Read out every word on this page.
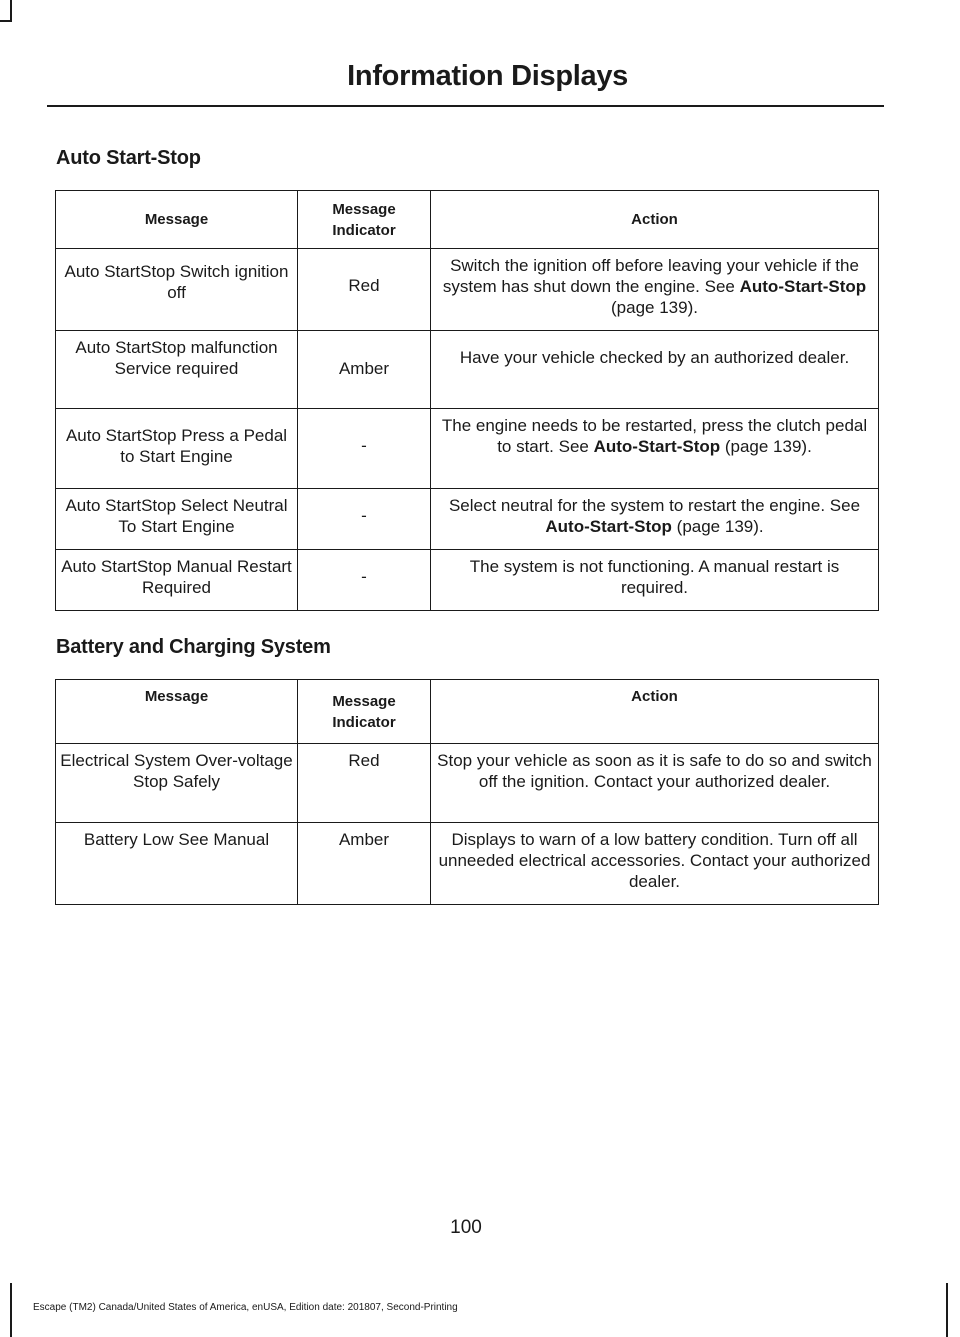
Information Displays
Auto Start-Stop
Message	Message Indicator	Action
Auto StartStop Switch ignition off	Red	Switch the ignition off before leaving your vehicle if the system has shut down the engine. See Auto-Start-Stop (page 139).
Auto StartStop malfunction Service required	Amber	Have your vehicle checked by an authorized dealer.
Auto StartStop Press a Pedal to Start Engine	-	The engine needs to be restarted, press the clutch pedal to start. See Auto-Start-Stop (page 139).
Auto StartStop Select Neutral To Start Engine	-	Select neutral for the system to restart the engine. See Auto-Start-Stop (page 139).
Auto StartStop Manual Restart Required	-	The system is not functioning. A manual restart is required.
Battery and Charging System
Message	Message Indicator	Action
Electrical System Over-voltage Stop Safely	Red	Stop your vehicle as soon as it is safe to do so and switch off the ignition. Contact your authorized dealer.
Battery Low See Manual	Amber	Displays to warn of a low battery condition. Turn off all unneeded electrical accessories. Contact your authorized dealer.
100
Escape (TM2) Canada/United States of America, enUSA, Edition date: 201807, Second-Printing
